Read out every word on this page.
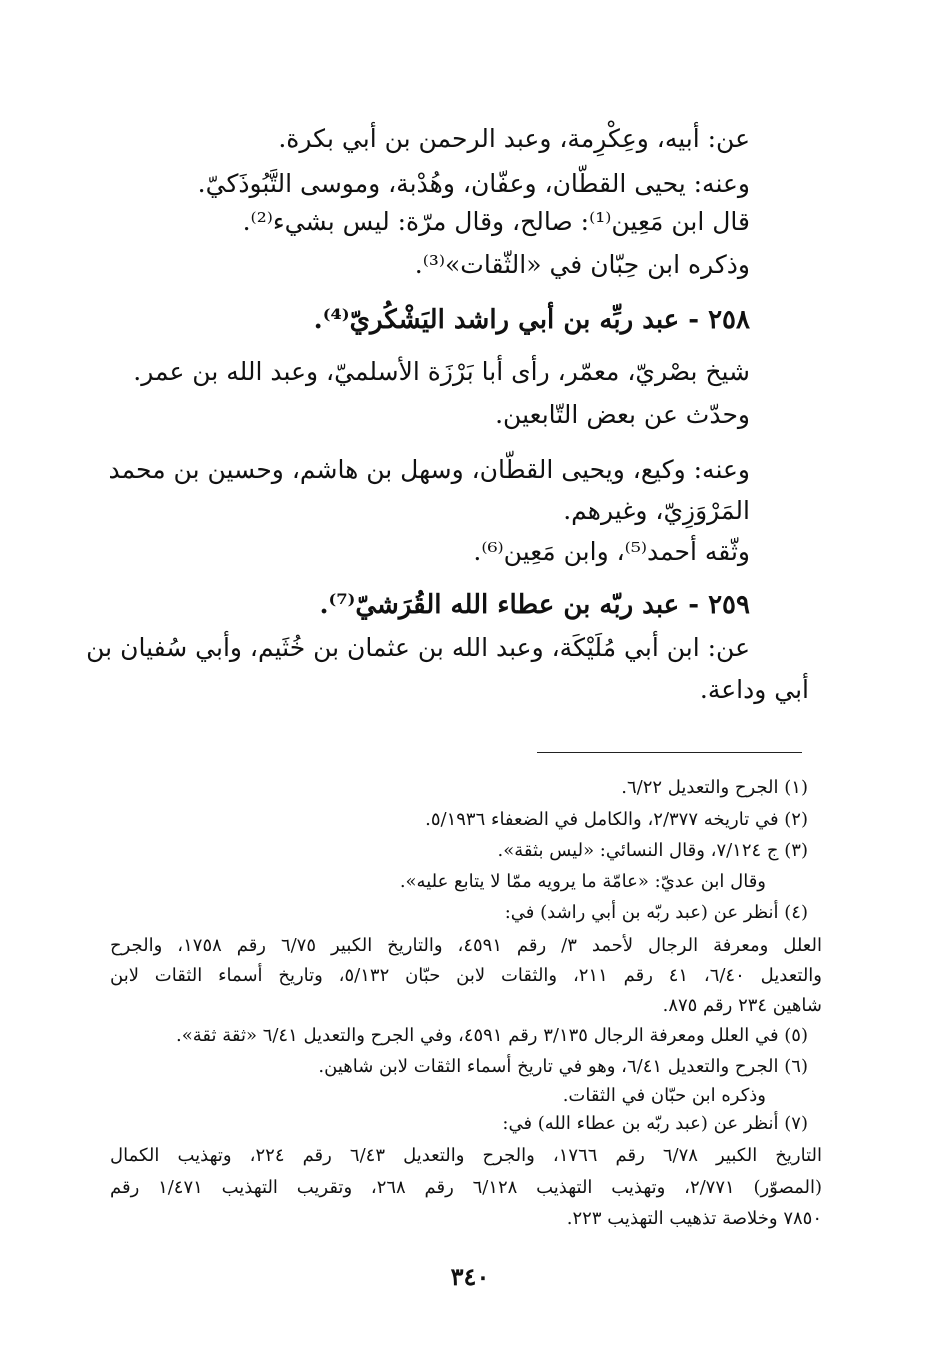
عن: أبيه، وعِكْرِمة، وعبد الرحمن بن أبي بكرة.
وعنه: يحيى القطّان، وعفّان، وهُدْبة، وموسى التَّبُوذَكيّ.
قال ابن مَعِين⁽¹⁾: صالح، وقال مرّة: ليس بشيء⁽²⁾.
وذكره ابن حِبّان في «الثّقات»⁽³⁾.
٢٥٨ - عبد ربِّه بن أبي راشد اليَشْكُريّ⁽⁴⁾.
شيخ بصْريّ، معمّر، رأى أبا بَرْزَة الأسلميّ، وعبد الله بن عمر.
وحدّث عن بعض التّابعين.
وعنه: وكيع، ويحيى القطّان، وسهل بن هاشم، وحسين بن محمد
المَرْوَزِيّ، وغيرهم.
وثّقه أحمد⁽⁵⁾، وابن مَعِين⁽⁶⁾.
٢٥٩ - عبد ربّه بن عطاء الله القُرَشيّ⁽⁷⁾.
عن: ابن أبي مُلَيْكَة، وعبد الله بن عثمان بن خُثَيم، وأبي سُفيان بن
أبي وداعة.
(١) الجرح والتعديل ٦/٢٢.
(٢) في تاريخه ٢/٣٧٧، والكامل في الضعفاء ٥/١٩٣٦.
(٣) ج ٧/١٢٤، وقال النسائي: «ليس بثقة».
وقال ابن عديّ: «عامّة ما يرويه ممّا لا يتابع عليه».
(٤) أنظر عن (عبد ربّه بن أبي راشد) في:
العلل ومعرفة الرجال لأحمد ٣/ رقم ٤٥٩١، والتاريخ الكبير ٦/٧٥ رقم ١٧٥٨، والجرح
والتعديل ٦/٤٠، ٤١ رقم ٢١١، والثقات لابن حبّان ٥/١٣٢، وتاريخ أسماء الثقات لابن
شاهين ٢٣٤ رقم ٨٧٥.
(٥) في العلل ومعرفة الرجال ٣/١٣٥ رقم ٤٥٩١، وفي الجرح والتعديل ٦/٤١ «ثقة ثقة».
(٦) الجرح والتعديل ٦/٤١، وهو في تاريخ أسماء الثقات لابن شاهين.
وذكره ابن حبّان في الثقات.
(٧) أنظر عن (عبد ربّه بن عطاء الله) في:
التاريخ الكبير ٦/٧٨ رقم ١٧٦٦، والجرح والتعديل ٦/٤٣ رقم ٢٢٤، وتهذيب الكمال
(المصوّر) ٢/٧٧١، وتهذيب التهذيب ٦/١٢٨ رقم ٢٦٨، وتقريب التهذيب ١/٤٧١ رقم
٧٨٥٠ وخلاصة تذهيب التهذيب ٢٢٣.
٣٤٠
